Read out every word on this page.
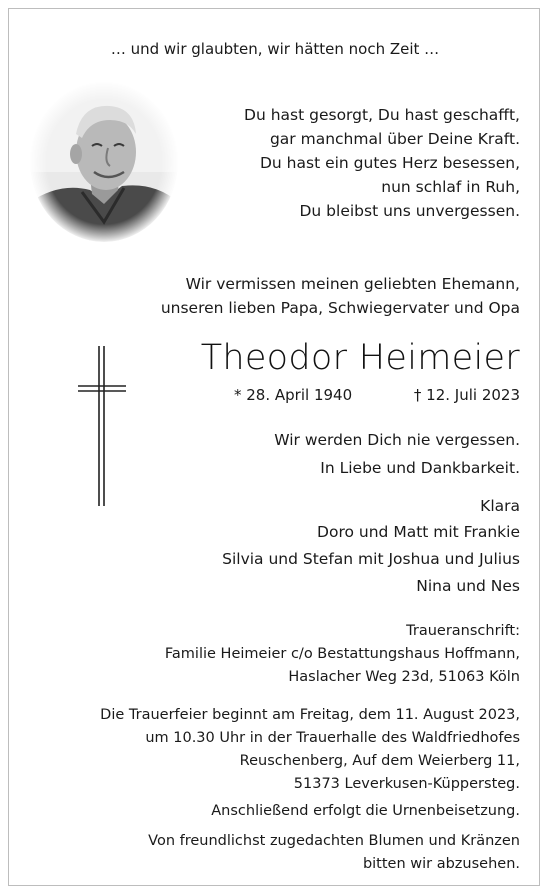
… und wir glaubten, wir hätten noch Zeit …
Du hast gesorgt, Du hast geschafft,
gar manchmal über Deine Kraft.
Du hast ein gutes Herz besessen,
nun schlaf in Ruh,
Du bleibst uns unvergessen.
Wir vermissen meinen geliebten Ehemann,
unseren lieben Papa, Schwiegervater und Opa
Theodor Heimeier
* 28. April 1940	† 12. Juli 2023
Wir werden Dich nie vergessen.
In Liebe und Dankbarkeit.
Klara
Doro und Matt mit Frankie
Silvia und Stefan mit Joshua und Julius
Nina und Nes
Traueranschrift:
Familie Heimeier c/o Bestattungshaus Hoffmann,
Haslacher Weg 23d, 51063 Köln
Die Trauerfeier beginnt am Freitag, dem 11. August 2023,
um 10.30 Uhr in der Trauerhalle des Waldfriedhofes
Reuschenberg, Auf dem Weierberg 11,
51373 Leverkusen-Küppersteg.
Anschließend erfolgt die Urnenbeisetzung.
Von freundlichst zugedachten Blumen und Kränzen
bitten wir abzusehen.
